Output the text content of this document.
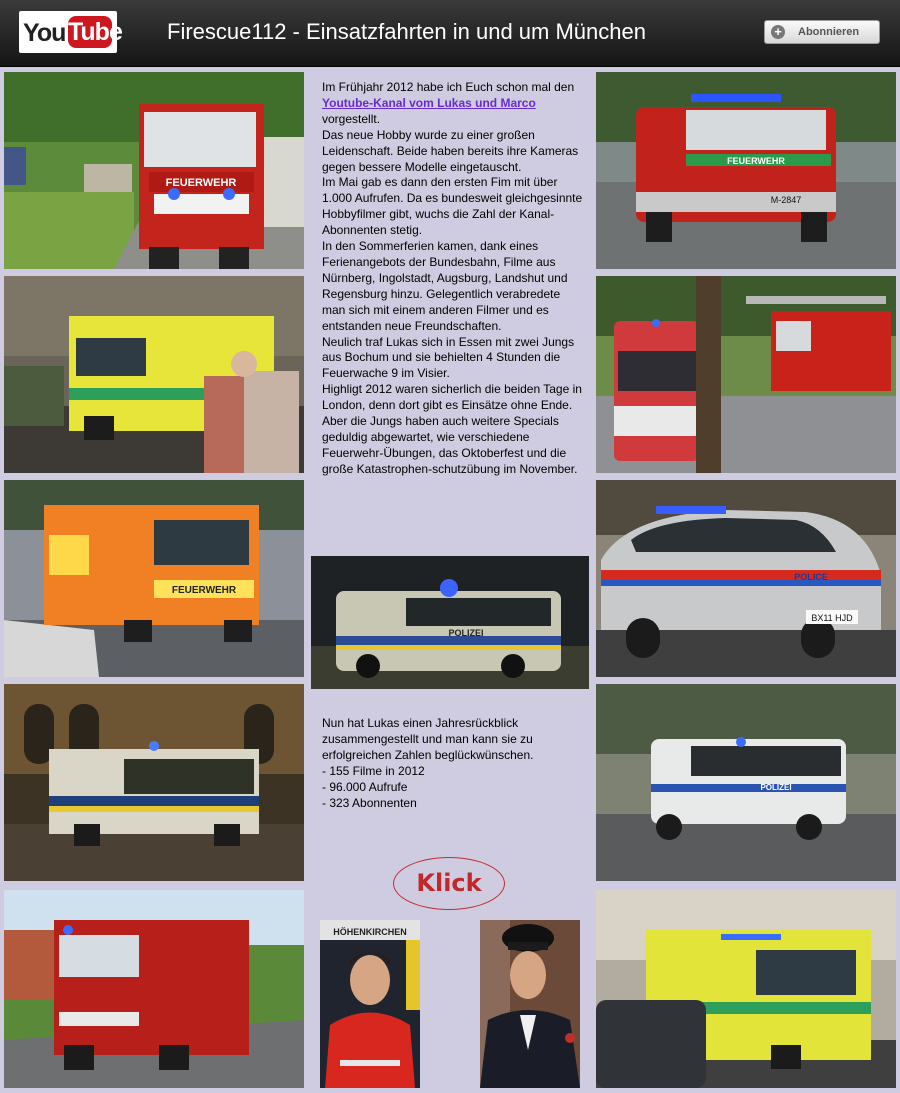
You Tube Firescue112 - Einsatzfahrten in und um München	+ Abonnieren
FEUERWEHR
FEUERWEHR

Im Frühjahr 2012 habe ich Euch schon mal den Youtube-Kanal vom Lukas und Marco
vorgestellt.

Das neue Hobby wurde zu einer großen Leidenschaft. Beide haben bereits ihre Kameras gegen bessere Modelle eingetauscht.

Im Mai gab es dann den ersten Fim mit über 1.000 Aufrufen. Da es bundesweit gleichgesinnte Hobbyfilmer gibt, wuchs die Zahl der Kanal-Abonnenten stetig.

In den Sommerferien kamen, dank eines Ferienangebots der Bundesbahn, Filme aus Nürnberg, Ingolstadt, Augsburg, Landshut und Regensburg hinzu. Gelegentlich verabredete man sich mit einem anderen Filmer und es entstanden neue Freundschaften.

Neulich traf Lukas sich in Essen mit zwei Jungs aus Bochum und sie behielten 4 Stunden die Feuerwache 9 im Visier.

Highligt 2012 waren sicherlich die beiden Tage in London, denn dort gibt es Einsätze ohne Ende.

Aber die Jungs haben auch weitere Specials geduldig abgewartet, wie verschiedene Feuerwehr-Übungen, das Oktoberfest und die große Katastrophen-schutzübung im November.

POLIZEI
Nun hat Lukas einen Jahresrückblick zusammengestellt und man kann sie zu erfolgreichen Zahlen beglückwünschen.
- 155 Filme in 2012
- 96.000 Aufrufe
- 323 Abonnenten
Klick
HÖHENKIRCHEN
FEUERWEHR
M-2847
POLICE
BX11 HJD
POLIZEI
